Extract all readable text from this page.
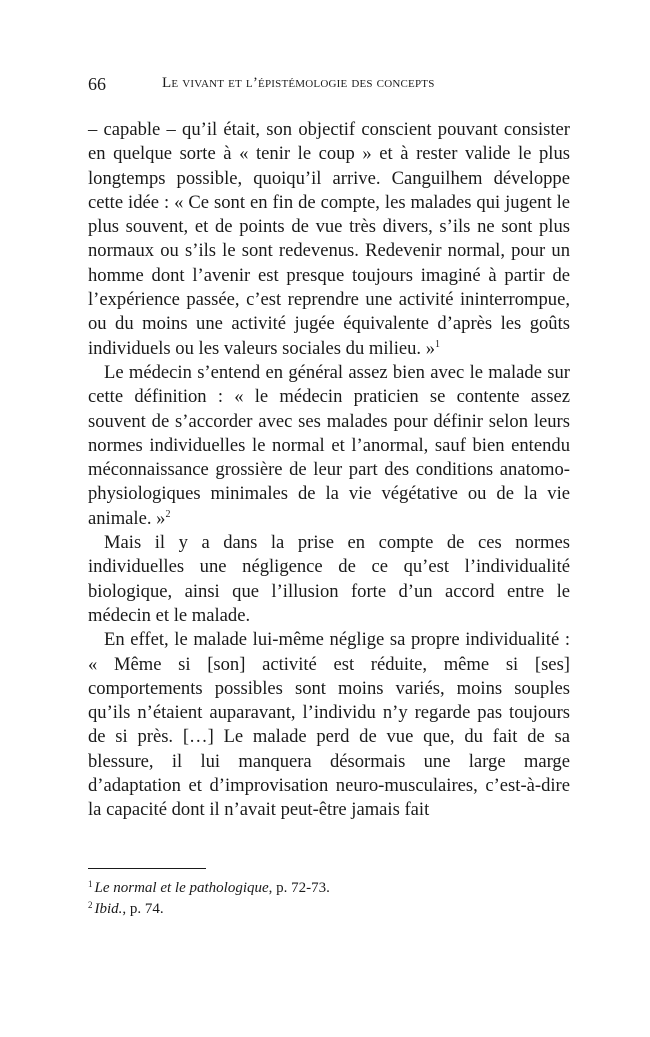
66	Le vivant et l’épistémologie des concepts

– capable – qu’il était, son objectif conscient pouvant consister en quelque sorte à « tenir le coup » et à rester valide le plus longtemps possible, quoiqu’il arrive. Canguilhem développe cette idée : « Ce sont en fin de compte, les malades qui jugent le plus souvent, et de points de vue très divers, s’ils ne sont plus normaux ou s’ils le sont redevenus. Redevenir normal, pour un homme dont l’avenir est presque toujours imaginé à partir de l’expérience passée, c’est reprendre une activité ininterrompue, ou du moins une activité jugée équivalente d’après les goûts individuels ou les valeurs sociales du milieu. »$^1$

Le médecin s’entend en général assez bien avec le malade sur cette définition : « le médecin praticien se contente assez souvent de s’accorder avec ses malades pour définir selon leurs normes individuelles le normal et l’anormal, sauf bien entendu méconnaissance grossière de leur part des conditions anatomo-physiologiques minimales de la vie végétative ou de la vie animale. »$^2$

Mais il y a dans la prise en compte de ces normes individuelles une négligence de ce qu’est l’individualité biologique, ainsi que l’illusion forte d’un accord entre le médecin et le malade.

En effet, le malade lui-même néglige sa propre individualité : « Même si [son] activité est réduite, même si [ses] comportements possibles sont moins variés, moins souples qu’ils n’étaient auparavant, l’individu n’y regarde pas toujours de si près. […] Le malade perd de vue que, du fait de sa blessure, il lui manquera désormais une large marge d’adaptation et d’improvisation neuro-musculaires, c’est-à-dire la capacité dont il n’avait peut-être jamais fait

$^1$ Le normal et le pathologique, p. 72-73.

$^2$ Ibid., p. 74.
